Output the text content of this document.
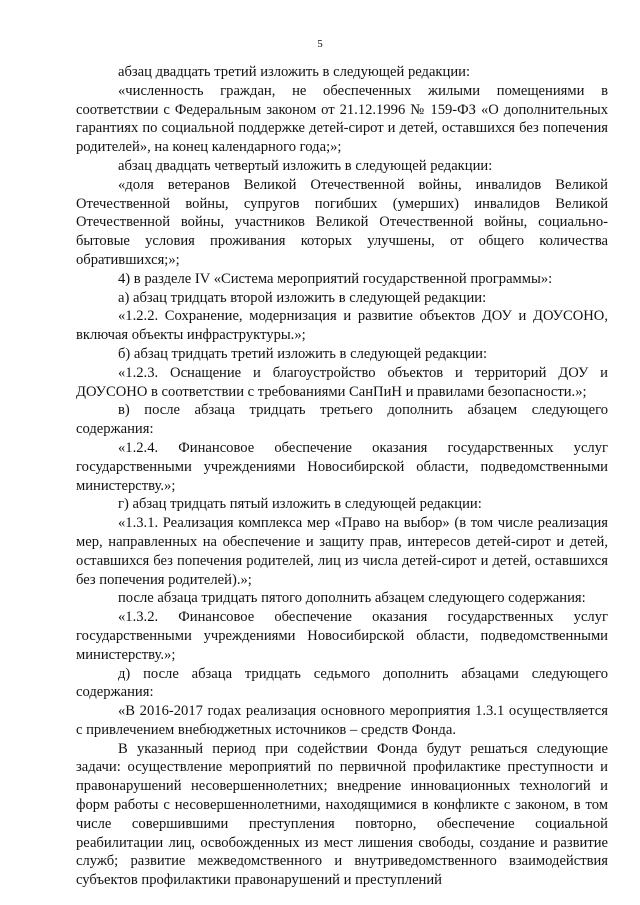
5

абзац двадцать третий изложить в следующей редакции:

«численность граждан, не обеспеченных жилыми помещениями в соответствии с Федеральным законом от 21.12.1996 № 159-ФЗ «О дополнительных гарантиях по социальной поддержке детей-сирот и детей, оставшихся без попечения родителей», на конец календарного года;»;

абзац двадцать четвертый изложить в следующей редакции:

«доля ветеранов Великой Отечественной войны, инвалидов Великой Отечественной войны, супругов погибших (умерших) инвалидов Великой Отечественной войны, участников Великой Отечественной войны, социально-бытовые условия проживания которых улучшены, от общего количества обратившихся;»;

4) в разделе IV «Система мероприятий государственной программы»:

а) абзац тридцать второй изложить в следующей редакции:

«1.2.2. Сохранение, модернизация и развитие объектов ДОУ и ДОУСОНО, включая объекты инфраструктуры.»;

б) абзац тридцать третий изложить в следующей редакции:

«1.2.3. Оснащение и благоустройство объектов и территорий ДОУ и ДОУСОНО в соответствии с требованиями СанПиН и правилами безопасности.»;

в) после абзаца тридцать третьего дополнить абзацем следующего содержания:

«1.2.4. Финансовое обеспечение оказания государственных услуг государственными учреждениями Новосибирской области, подведомственными министерству.»;

г) абзац тридцать пятый изложить в следующей редакции:

«1.3.1. Реализация комплекса мер «Право на выбор» (в том числе реализация мер, направленных на обеспечение и защиту прав, интересов детей-сирот и детей, оставшихся без попечения родителей, лиц из числа детей-сирот и детей, оставшихся без попечения родителей).»;

после абзаца тридцать пятого дополнить абзацем следующего содержания:

«1.3.2. Финансовое обеспечение оказания государственных услуг государственными учреждениями Новосибирской области, подведомственными министерству.»;

д) после абзаца тридцать седьмого дополнить абзацами следующего содержания:

«В 2016-2017 годах реализация основного мероприятия 1.3.1 осуществляется с привлечением внебюджетных источников – средств Фонда.

В указанный период при содействии Фонда будут решаться следующие задачи: осуществление мероприятий по первичной профилактике преступности и правонарушений несовершеннолетних; внедрение инновационных технологий и форм работы с несовершеннолетними, находящимися в конфликте с законом, в том числе совершившими преступления повторно, обеспечение социальной реабилитации лиц, освобожденных из мест лишения свободы, создание и развитие служб; развитие межведомственного и внутриведомственного взаимодействия субъектов профилактики правонарушений и преступлений
